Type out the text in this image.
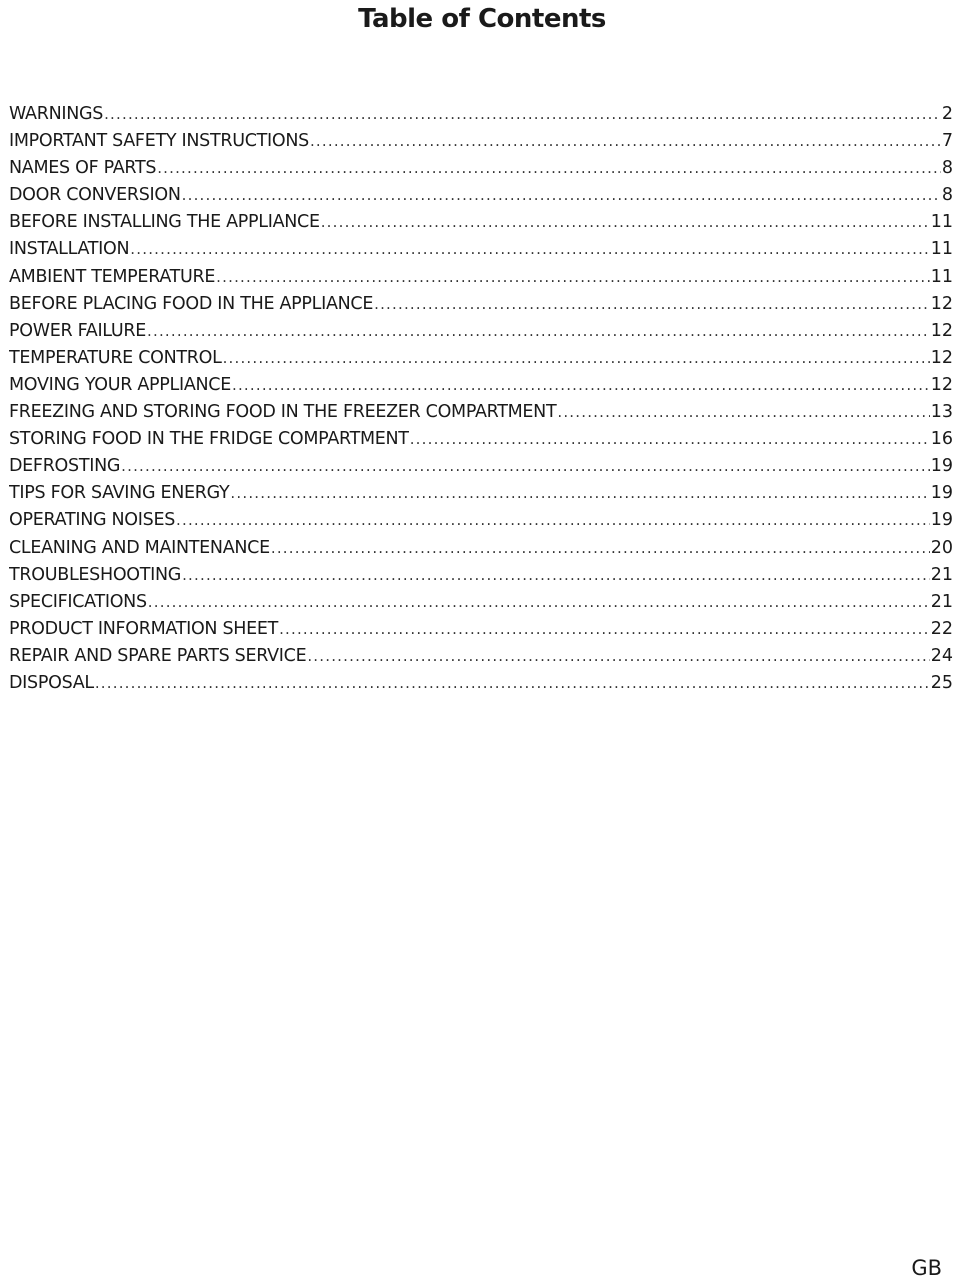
Table of Contents
WARNINGS .....	2
IMPORTANT SAFETY INSTRUCTIONS .....	7
NAMES OF PARTS .....	8
DOOR CONVERSION .....	8
BEFORE INSTALLING THE APPLIANCE .....	11
INSTALLATION .....	11
AMBIENT TEMPERATURE .....	11
BEFORE PLACING FOOD IN THE APPLIANCE .....	12
POWER FAILURE .....	12
TEMPERATURE CONTROL .....	12
MOVING YOUR APPLIANCE .....	12
FREEZING AND STORING FOOD IN THE FREEZER COMPARTMENT .....	13
STORING FOOD IN THE FRIDGE COMPARTMENT .....	16
DEFROSTING .....	19
TIPS FOR SAVING ENERGY .....	19
OPERATING NOISES .....	19
CLEANING AND MAINTENANCE .....	20
TROUBLESHOOTING .....	21
SPECIFICATIONS .....	21
PRODUCT INFORMATION SHEET .....	22
REPAIR AND SPARE PARTS SERVICE .....	24
DISPOSAL .....	25
GB
